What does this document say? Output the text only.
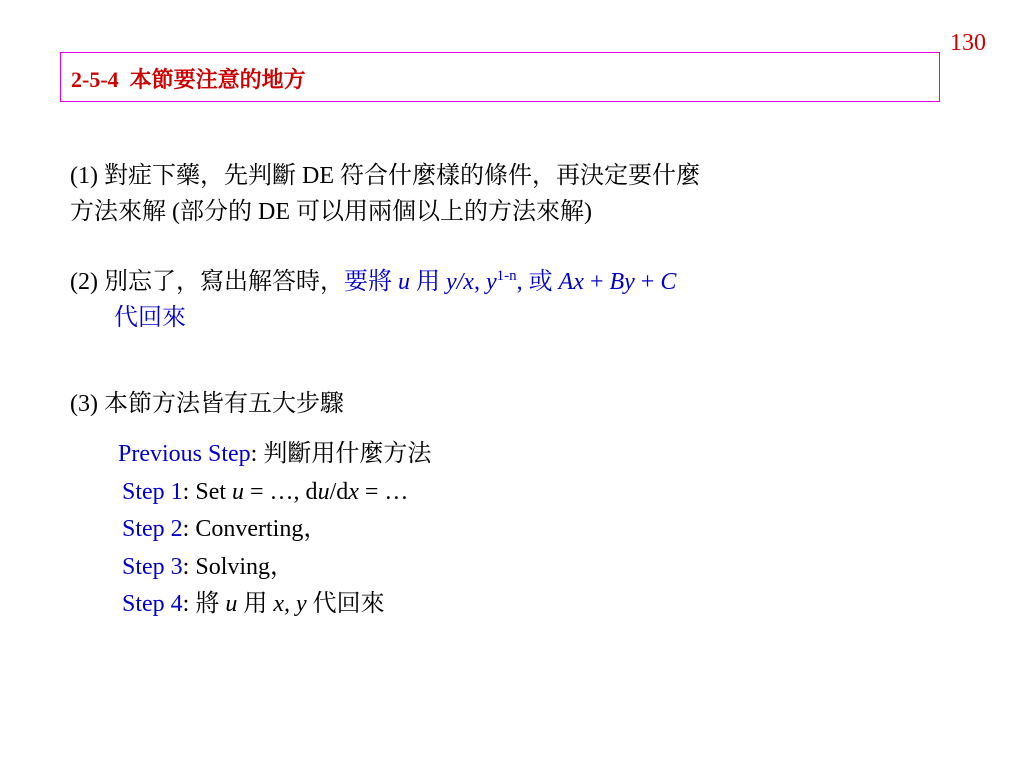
130
2-5-4  本節要注意的地方
(1) 對症下藥，先判斷 DE 符合什麼樣的條件，再決定要什麼
方法來解 (部分的 DE 可以用兩個以上的方法來解)
(2) 別忘了，寫出解答時，要將 u 用 y/x, $y^{1-n}$, 或 Ax + By + C
代回來
(3) 本節方法皆有五大步驟
Previous Step: 判斷用什麼方法
Step 1: Set u = …, du/dx = …
Step 2: Converting，
Step 3: Solving，
Step 4: 將 u 用 x, y 代回來
